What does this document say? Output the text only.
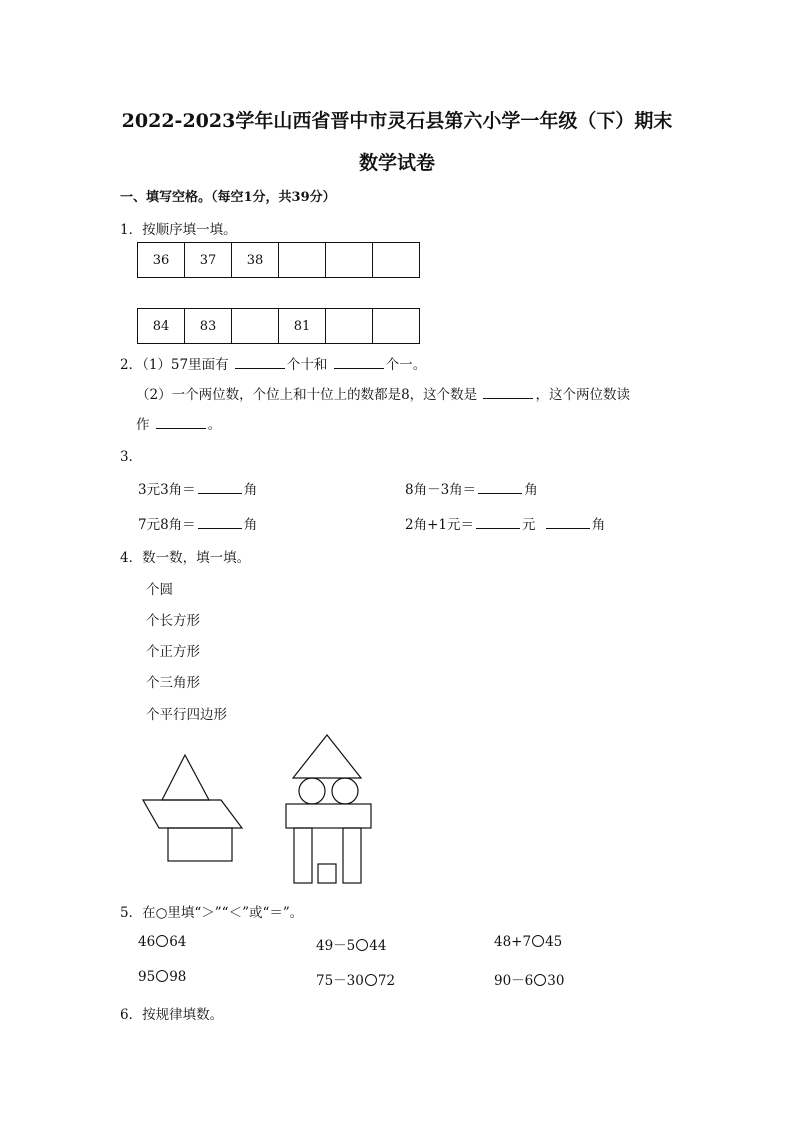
2022-2023学年山西省晋中市灵石县第六小学一年级（下）期末
数学试卷
一、填写空格。（每空1分，共39分）
1．按顺序填一填。
36	37	38			
84	83		81		
2．（1）57里面有	个十和	个一。
（2）一个两位数，个位上和十位上的数都是8，这个数是	，这个两位数读
作	。
3．
3元3角＝	角	8角－3角＝	角
7元8角＝	角	2角+1元＝	元	角
4．数一数，填一填。
个圆
个长方形
个正方形
个三角形
个平行四边形
5．在○里填“＞”“＜”或“＝”。
46 64	49－5 44	48+7 45
95 98	75－30 72	90－6 30
6．按规律填数。
